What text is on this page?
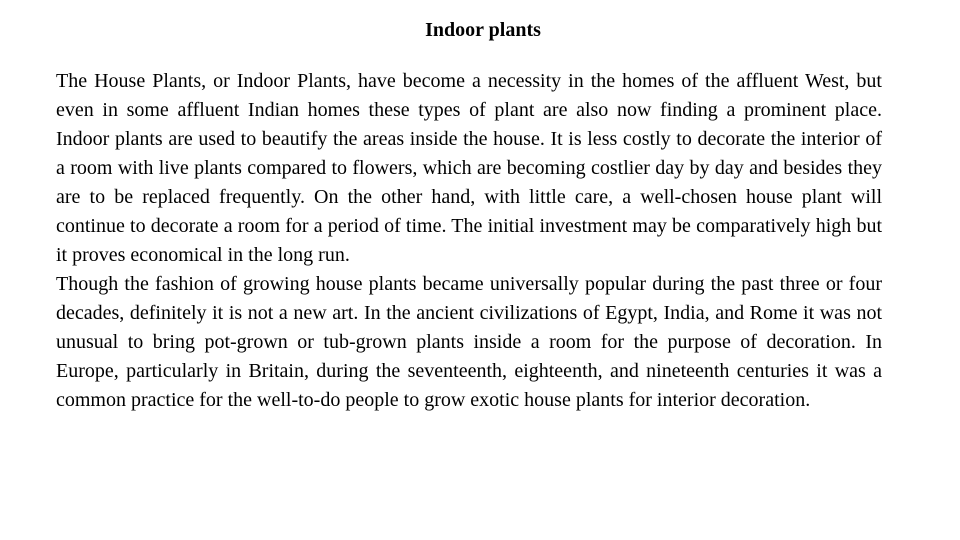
Indoor plants

The House Plants, or Indoor Plants, have become a necessity in the homes of the affluent West, but even in some affluent Indian homes these types of plant are also now finding a prominent place. Indoor plants are used to beautify the areas inside the house. It is less costly to decorate the interior of a room with live plants compared to flowers, which are becoming costlier day by day and besides they are to be replaced frequently. On the other hand, with little care, a well-chosen house plant will continue to decorate a room for a period of time. The initial investment may be comparatively high but it proves economical in the long run.

Though the fashion of growing house plants became universally popular during the past three or four decades, definitely it is not a new art. In the ancient civilizations of Egypt, India, and Rome it was not unusual to bring pot-grown or tub-grown plants inside a room for the purpose of decoration. In Europe, particularly in Britain, during the seventeenth, eighteenth, and nineteenth centuries it was a common practice for the well-to-do people to grow exotic house plants for interior decoration.
